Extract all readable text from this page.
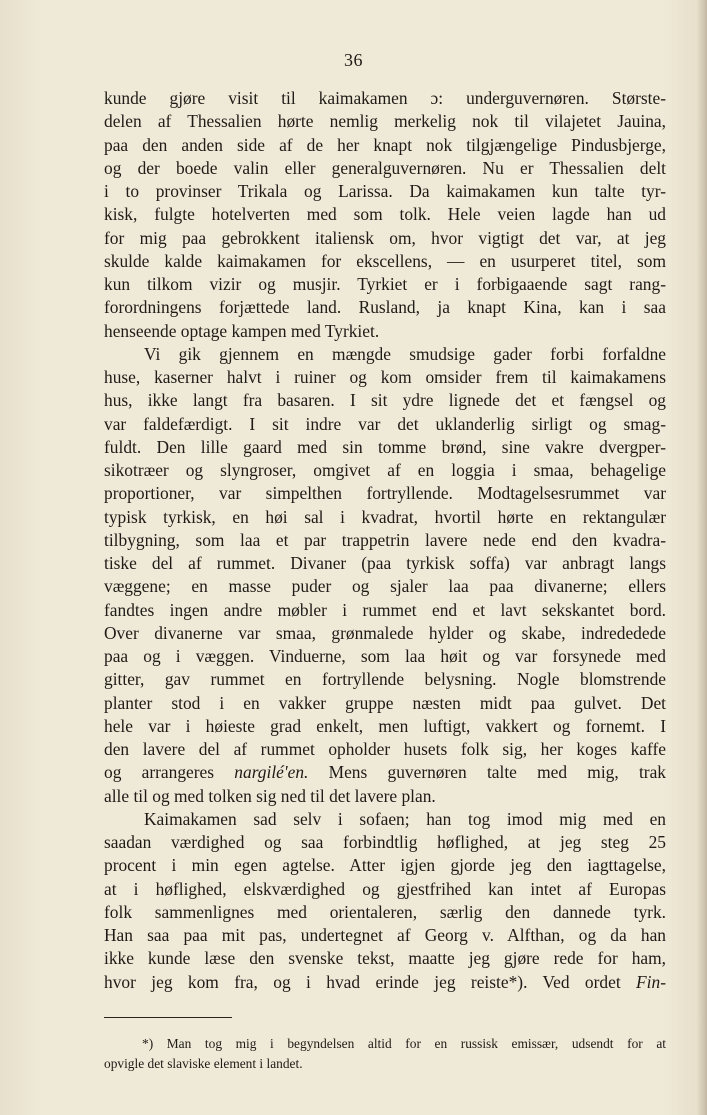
36
kunde gjøre visit til kaimakamen ɔ: underguvernøren. Største-
delen af Thessalien hørte nemlig merkelig nok til vilajetet Jauina,
paa den anden side af de her knapt nok tilgjængelige Pindusbjerge,
og der boede valin eller generalguvernøren. Nu er Thessalien delt
i to provinser Trikala og Larissa. Da kaimakamen kun talte tyr-
kisk, fulgte hotelverten med som tolk. Hele veien lagde han ud
for mig paa gebrokkent italiensk om, hvor vigtigt det var, at jeg
skulde kalde kaimakamen for ekscellens, — en usurperet titel, som
kun tilkom vizir og musjir. Tyrkiet er i forbigaaende sagt rang-
forordningens forjættede land. Rusland, ja knapt Kina, kan i saa
henseende optage kampen med Tyrkiet.
Vi gik gjennem en mængde smudsige gader forbi forfaldne
huse, kaserner halvt i ruiner og kom omsider frem til kaimakamens
hus, ikke langt fra basaren. I sit ydre lignede det et fængsel og
var faldefærdigt. I sit indre var det uklanderlig sirligt og smag-
fuldt. Den lille gaard med sin tomme brønd, sine vakre dvergper-
sikotræer og slyngroser, omgivet af en loggia i smaa, behagelige
proportioner, var simpelthen fortryllende. Modtagelsesrummet var
typisk tyrkisk, en høi sal i kvadrat, hvortil hørte en rektangulær
tilbygning, som laa et par trappetrin lavere nede end den kvadra-
tiske del af rummet. Divaner (paa tyrkisk soffa) var anbragt langs
væggene; en masse puder og sjaler laa paa divanerne; ellers
fandtes ingen andre møbler i rummet end et lavt sekskantet bord.
Over divanerne var smaa, grønmalede hylder og skabe, indrededede
paa og i væggen. Vinduerne, som laa høit og var forsynede med
gitter, gav rummet en fortryllende belysning. Nogle blomstrende
planter stod i en vakker gruppe næsten midt paa gulvet. Det
hele var i høieste grad enkelt, men luftigt, vakkert og fornemt. I
den lavere del af rummet opholder husets folk sig, her koges kaffe
og arrangeres nargilé'en. Mens guvernøren talte med mig, trak
alle til og med tolken sig ned til det lavere plan.
Kaimakamen sad selv i sofaen; han tog imod mig med en
saadan værdighed og saa forbindtlig høflighed, at jeg steg 25
procent i min egen agtelse. Atter igjen gjorde jeg den iagttagelse,
at i høflighed, elskværdighed og gjestfrihed kan intet af Europas
folk sammenlignes med orientaleren, særlig den dannede tyrk.
Han saa paa mit pas, undertegnet af Georg v. Alfthan, og da han
ikke kunde læse den svenske tekst, maatte jeg gjøre rede for ham,
hvor jeg kom fra, og i hvad erinde jeg reiste*). Ved ordet Fin-
*) Man tog mig i begyndelsen altid for en russisk emissær, udsendt for at
opvigle det slaviske element i landet.
